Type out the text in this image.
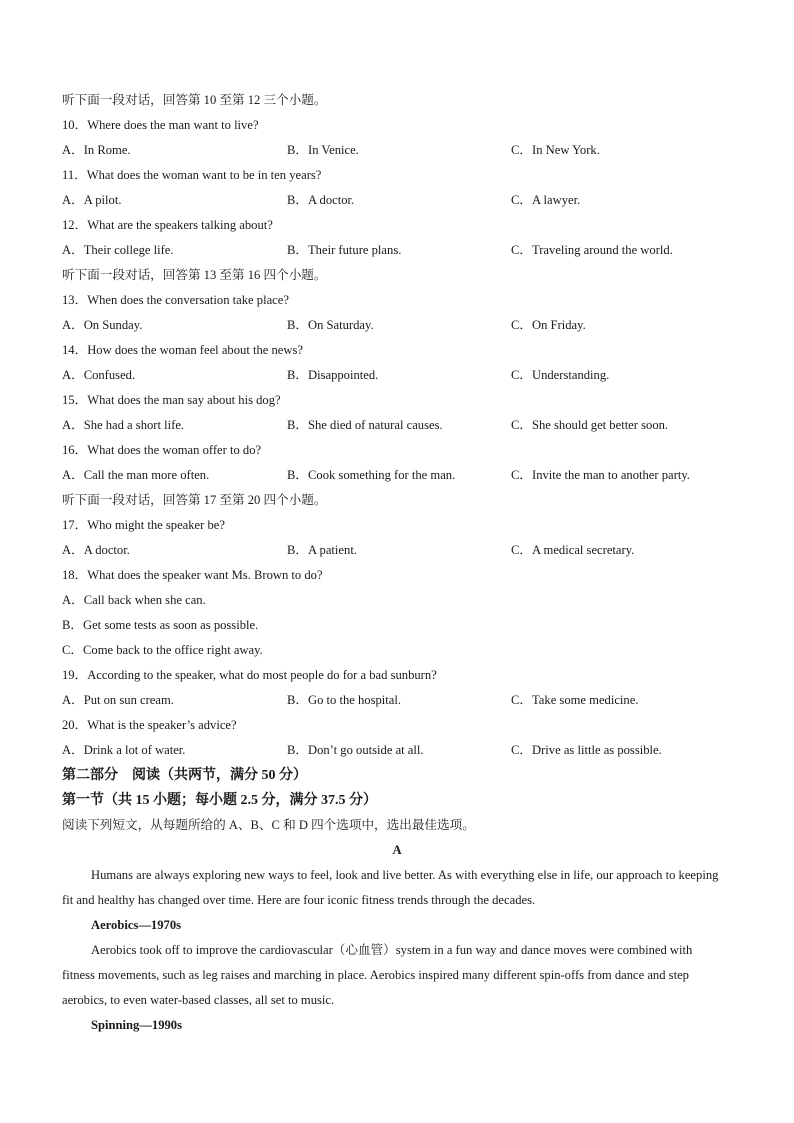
听下面一段对话，回答第 10 至第 12 三个小题。
10．Where does the man want to live?
A．In Rome.	B．In Venice.	C．In New York.
11．What does the woman want to be in ten years?
A．A pilot.	B．A doctor.	C．A lawyer.
12．What are the speakers talking about?
A．Their college life.	B．Their future plans.	C．Traveling around the world.
听下面一段对话，回答第 13 至第 16 四个小题。
13．When does the conversation take place?
A．On Sunday.	B．On Saturday.	C．On Friday.
14．How does the woman feel about the news?
A．Confused.	B．Disappointed.	C．Understanding.
15．What does the man say about his dog?
A．She had a short life.	B．She died of natural causes.	C．She should get better soon.
16．What does the woman offer to do?
A．Call the man more often.	B．Cook something for the man.	C．Invite the man to another party.
听下面一段对话，回答第 17 至第 20 四个小题。
17．Who might the speaker be?
A．A doctor.	B．A patient.	C．A medical secretary.
18．What does the speaker want Ms. Brown to do?
A．Call back when she can.
B．Get some tests as soon as possible.
C．Come back to the office right away.
19．According to the speaker, what do most people do for a bad sunburn?
A．Put on sun cream.	B．Go to the hospital.	C．Take some medicine.
20．What is the speaker’s advice?
A．Drink a lot of water.	B．Don’t go outside at all.	C．Drive as little as possible.
第二部分　阅读（共两节，满分 50 分）
第一节（共 15 小题；每小题 2.5 分，满分 37.5 分）
阅读下列短文，从每题所给的 A、B、C 和 D 四个选项中，选出最佳选项。
A

Humans are always exploring new ways to feel, look and live better. As with everything else in life, our approach to keeping fit and healthy has changed over time. Here are four iconic fitness trends through the decades.

Aerobics—1970s

Aerobics took off to improve the cardiovascular（心血管）system in a fun way and dance moves were combined with fitness movements, such as leg raises and marching in place. Aerobics inspired many different spin-offs from dance and step aerobics, to even water-based classes, all set to music.

Spinning—1990s
